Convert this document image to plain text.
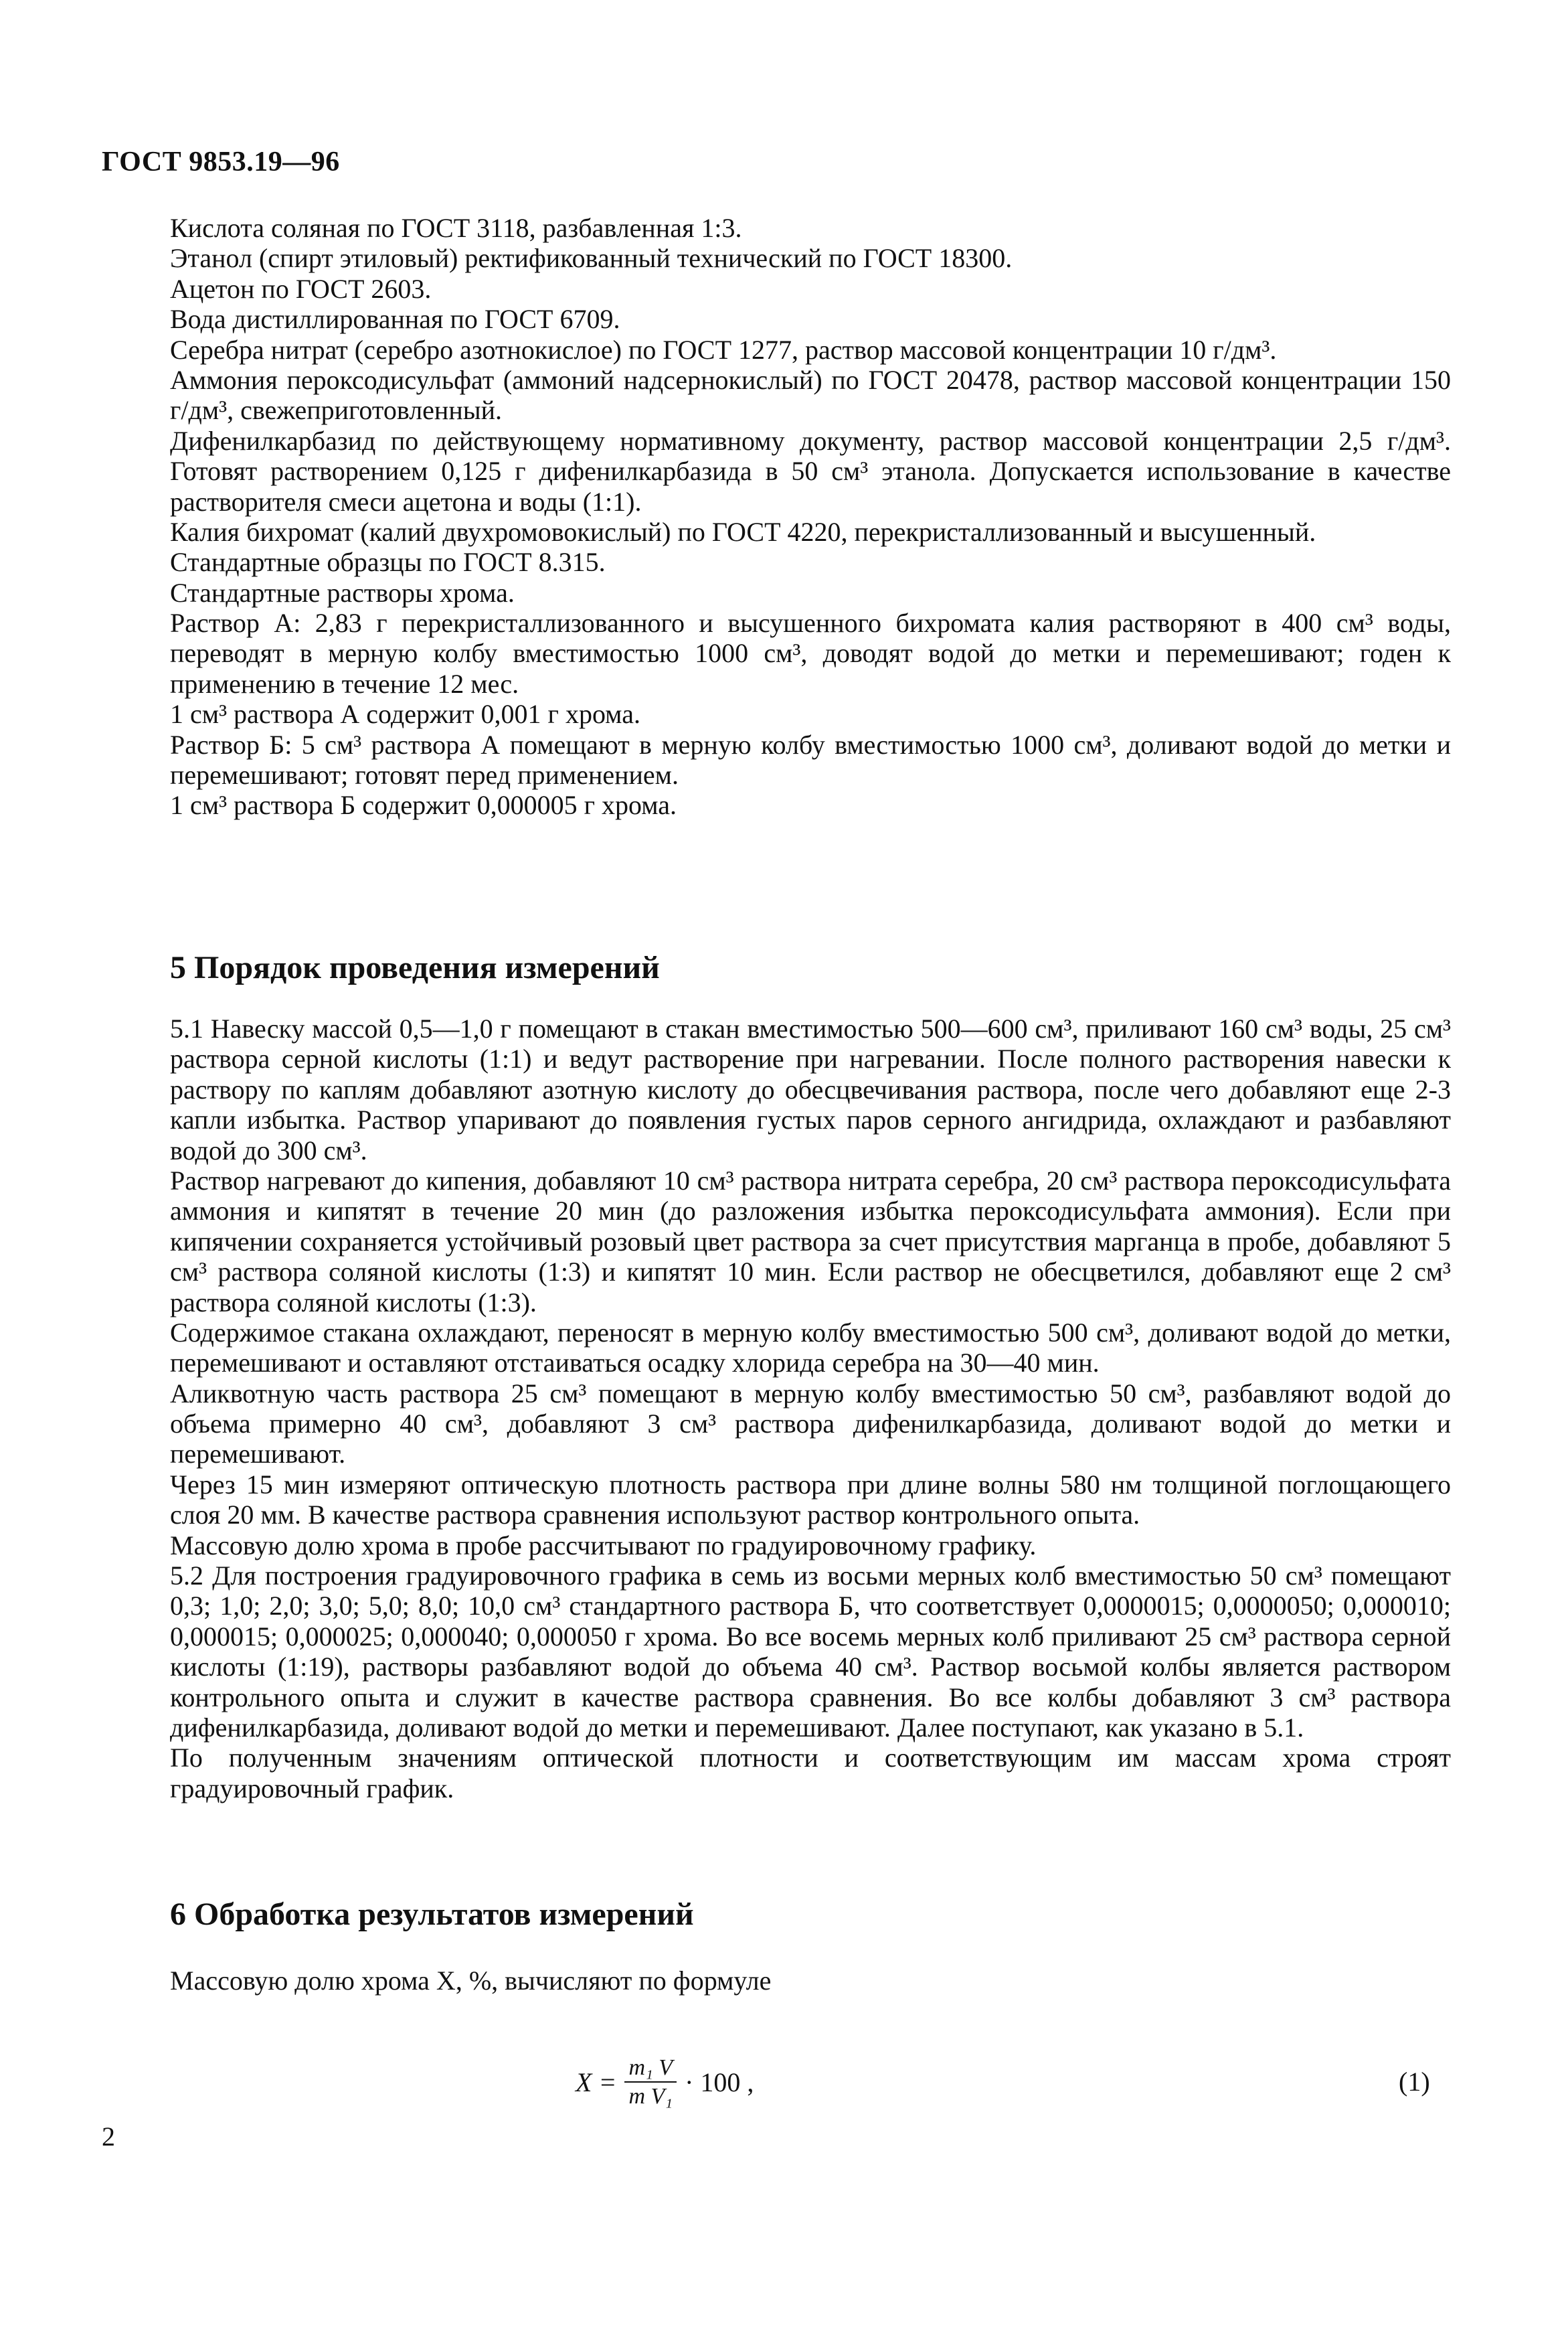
ГОСТ 9853.19—96

Кислота соляная по ГОСТ 3118, разбавленная 1:3.

Этанол (спирт этиловый) ректификованный технический по ГОСТ 18300.

Ацетон по ГОСТ 2603.

Вода дистиллированная по ГОСТ 6709.

Серебра нитрат (серебро азотнокислое) по ГОСТ 1277, раствор массовой концентрации 10 г/дм³.

Аммония пероксодисульфат (аммоний надсернокислый) по ГОСТ 20478, раствор массовой концентрации 150 г/дм³, свежеприготовленный.

Дифенилкарбазид по действующему нормативному документу, раствор массовой концентрации 2,5 г/дм³. Готовят растворением 0,125 г дифенилкарбазида в 50 см³ этанола. Допускается использование в качестве растворителя смеси ацетона и воды (1:1).

Калия бихромат (калий двухромовокислый) по ГОСТ 4220, перекристаллизованный и высушенный.

Стандартные образцы по ГОСТ 8.315.

Стандартные растворы хрома.

Раствор А: 2,83 г перекристаллизованного и высушенного бихромата калия растворяют в 400 см³ воды, переводят в мерную колбу вместимостью 1000 см³, доводят водой до метки и перемешивают; годен к применению в течение 12 мес.

1 см³ раствора А содержит 0,001 г хрома.

Раствор Б: 5 см³ раствора А помещают в мерную колбу вместимостью 1000 см³, доливают водой до метки и перемешивают; готовят перед применением.

1 см³ раствора Б содержит 0,000005 г хрома.

5 Порядок проведения измерений

5.1 Навеску массой 0,5—1,0 г помещают в стакан вместимостью 500—600 см³, приливают 160 см³ воды, 25 см³ раствора серной кислоты (1:1) и ведут растворение при нагревании. После полного растворения навески к раствору по каплям добавляют азотную кислоту до обесцвечивания раствора, после чего добавляют еще 2-3 капли избытка. Раствор упаривают до появления густых паров серного ангидрида, охлаждают и разбавляют водой до 300 см³.

Раствор нагревают до кипения, добавляют 10 см³ раствора нитрата серебра, 20 см³ раствора пероксодисульфата аммония и кипятят в течение 20 мин (до разложения избытка пероксодисульфата аммония). Если при кипячении сохраняется устойчивый розовый цвет раствора за счет присутствия марганца в пробе, добавляют 5 см³ раствора соляной кислоты (1:3) и кипятят 10 мин. Если раствор не обесцветился, добавляют еще 2 см³ раствора соляной кислоты (1:3).

Содержимое стакана охлаждают, переносят в мерную колбу вместимостью 500 см³, доливают водой до метки, перемешивают и оставляют отстаиваться осадку хлорида серебра на 30—40 мин.

Аликвотную часть раствора 25 см³ помещают в мерную колбу вместимостью 50 см³, разбавляют водой до объема примерно 40 см³, добавляют 3 см³ раствора дифенилкарбазида, доливают водой до метки и перемешивают.

Через 15 мин измеряют оптическую плотность раствора при длине волны 580 нм толщиной поглощающего слоя 20 мм. В качестве раствора сравнения используют раствор контрольного опыта.

Массовую долю хрома в пробе рассчитывают по градуировочному графику.

5.2 Для построения градуировочного графика в семь из восьми мерных колб вместимостью 50 см³ помещают 0,3; 1,0; 2,0; 3,0; 5,0; 8,0; 10,0 см³ стандартного раствора Б, что соответствует 0,0000015; 0,0000050; 0,000010; 0,000015; 0,000025; 0,000040; 0,000050 г хрома. Во все восемь мерных колб приливают 25 см³ раствора серной кислоты (1:19), растворы разбавляют водой до объема 40 см³. Раствор восьмой колбы является раствором контрольного опыта и служит в качестве раствора сравнения. Во все колбы добавляют 3 см³ раствора дифенилкарбазида, доливают водой до метки и перемешивают. Далее поступают, как указано в 5.1.

По полученным значениям оптической плотности и соответствующим им массам хрома строят градуировочный график.

6 Обработка результатов измерений
Массовую долю хрома X, %, вычисляют по формуле
$X = \frac{\text{m₁ V}}{\text{m V₁}} \cdot 100$ ,	(1)
2
